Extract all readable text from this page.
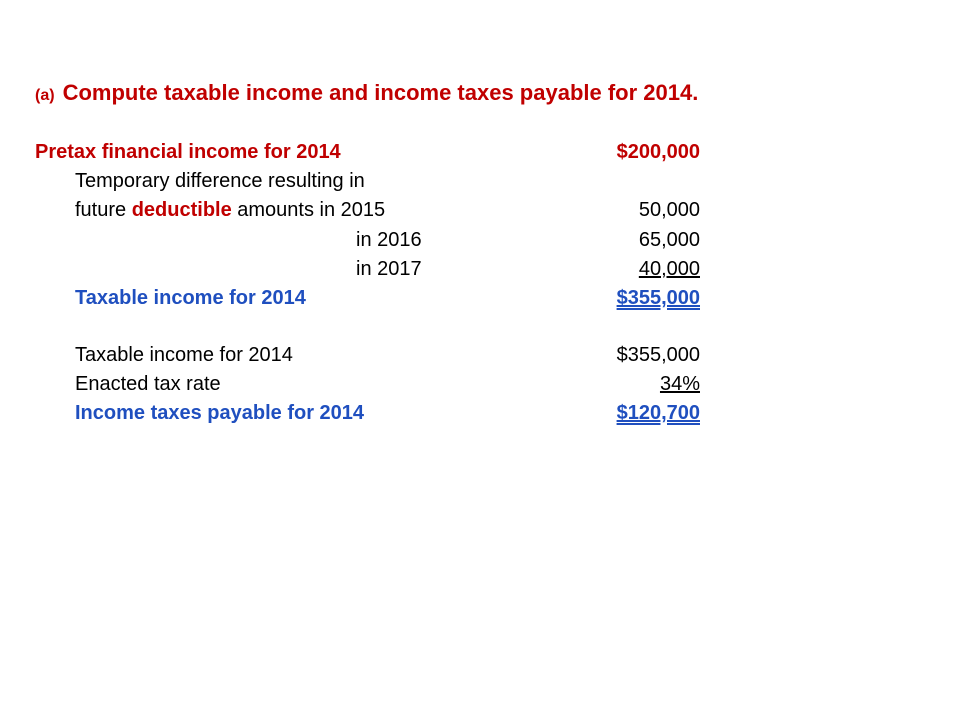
(a) Compute taxable income and income taxes payable for 2014.
Pretax financial income for 2014	$200,000
Temporary difference resulting in
future deductible amounts in 2015	50,000
in 2016	65,000
in 2017	40,000
Taxable income for 2014	$355,000
Taxable income for 2014	$355,000
Enacted tax rate	34%
Income taxes payable for 2014	$120,700
